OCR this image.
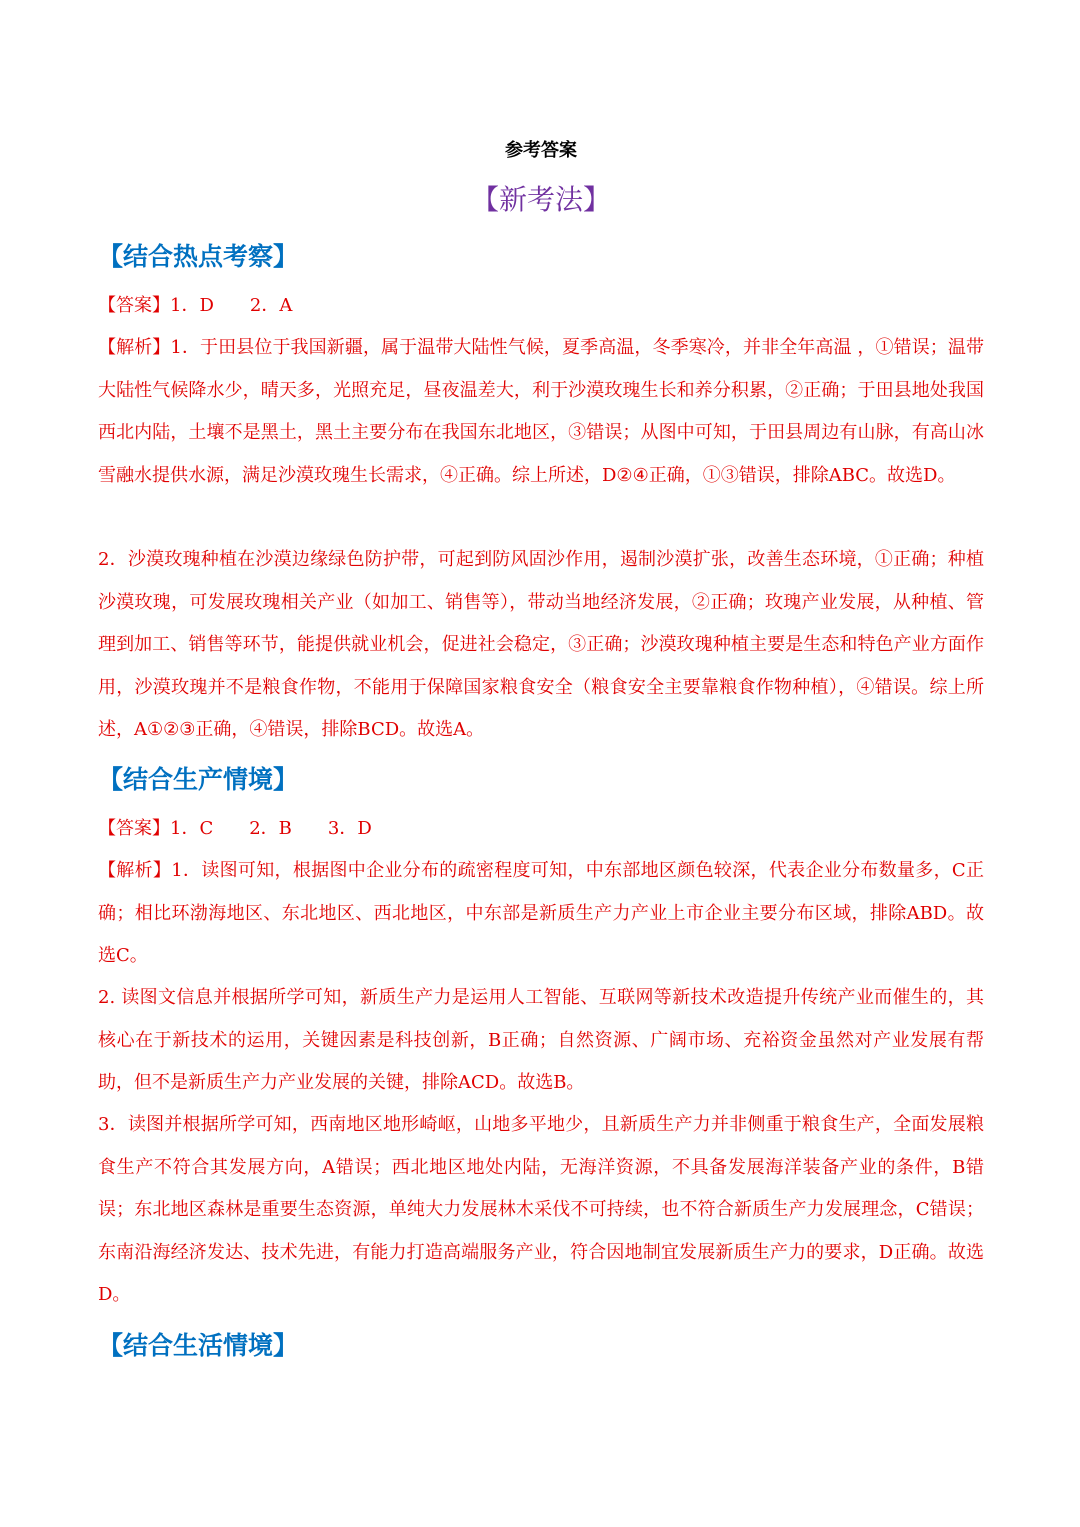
参考答案
【新考法】
【结合热点考察】
【答案】1．D　　2．A
【解析】1．于田县位于我国新疆，属于温带大陆性气候，夏季高温，冬季寒冷，并非全年高温 ，①错误；温带大陆性气候降水少，晴天多，光照充足，昼夜温差大，利于沙漠玫瑰生长和养分积累，②正确；于田县地处我国西北内陆，土壤不是黑土，黑土主要分布在我国东北地区，③错误；从图中可知，于田县周边有山脉，有高山冰雪融水提供水源，满足沙漠玫瑰生长需求，④正确。综上所述，D②④正确，①③错误，排除ABC。故选D。
2．沙漠玫瑰种植在沙漠边缘绿色防护带，可起到防风固沙作用，遏制沙漠扩张，改善生态环境，①正确；种植沙漠玫瑰，可发展玫瑰相关产业（如加工、销售等），带动当地经济发展，②正确；玫瑰产业发展，从种植、管理到加工、销售等环节，能提供就业机会，促进社会稳定，③正确；沙漠玫瑰种植主要是生态和特色产业方面作用，沙漠玫瑰并不是粮食作物，不能用于保障国家粮食安全（粮食安全主要靠粮食作物种植），④错误。综上所述，A①②③正确，④错误，排除BCD。故选A。
【结合生产情境】
【答案】1．C　　2．B　　3．D
【解析】1．读图可知，根据图中企业分布的疏密程度可知，中东部地区颜色较深，代表企业分布数量多，C正确；相比环渤海地区、东北地区、西北地区，中东部是新质生产力产业上市企业主要分布区域，排除ABD。故选C。
2. 读图文信息并根据所学可知，新质生产力是运用人工智能、互联网等新技术改造提升传统产业而催生的，其核心在于新技术的运用，关键因素是科技创新，B正确；自然资源、广阔市场、充裕资金虽然对产业发展有帮助，但不是新质生产力产业发展的关键，排除ACD。故选B。
3．读图并根据所学可知，西南地区地形崎岖，山地多平地少，且新质生产力并非侧重于粮食生产，全面发展粮食生产不符合其发展方向，A错误；西北地区地处内陆，无海洋资源，不具备发展海洋装备产业的条件，B错误；东北地区森林是重要生态资源，单纯大力发展林木采伐不可持续，也不符合新质生产力发展理念，C错误；东南沿海经济发达、技术先进，有能力打造高端服务产业，符合因地制宜发展新质生产力的要求，D正确。故选D。
【结合生活情境】
